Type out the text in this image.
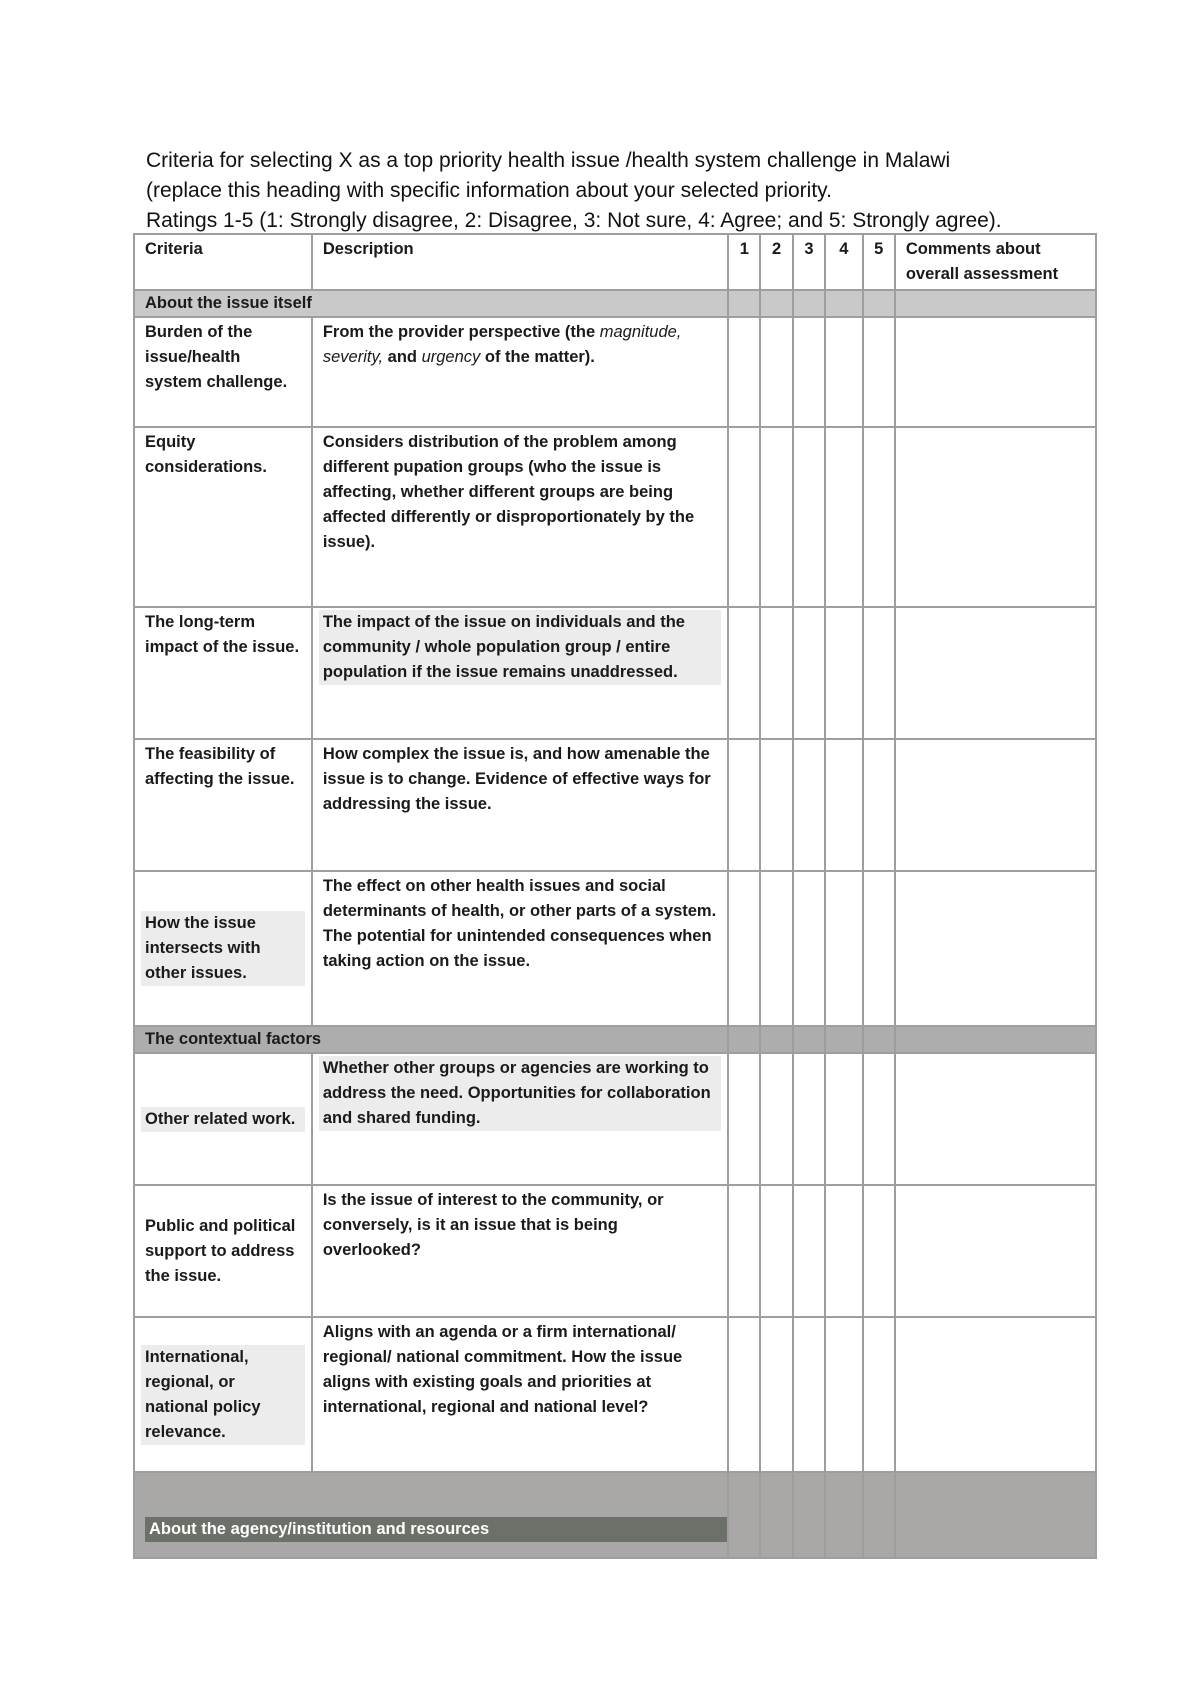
Criteria for selecting X as a top priority health issue /health system challenge in Malawi
(replace this heading with specific information about your selected priority.
Ratings 1-5 (1: Strongly disagree, 2: Disagree, 3: Not sure, 4: Agree; and 5: Strongly agree).
Criteria	Description	1	2	3	4	5	Comments about overall assessment
About the issue itself							
Burden of the issue/health system challenge.	From the provider perspective (the magnitude, severity, and urgency of the matter).						
Equity considerations.	Considers distribution of the problem among different pupation groups (who the issue is affecting, whether different groups are being affected differently or disproportionately by the issue).						
The long-term impact of the issue.	The impact of the issue on individuals and the community / whole population group / entire population if the issue remains unaddressed.						

The feasibility of affecting the issue.	How complex the issue is, and how amenable the issue is to change. Evidence of effective ways for addressing the issue.						

How the issue intersects with other issues.	The effect on other health issues and social determinants of health, or other parts of a system. The potential for unintended consequences when taking action on the issue.						
The contextual factors							

Other related work.	Whether other groups or agencies are working to address the need. Opportunities for collaboration and shared funding.						

Public and political support to address the issue.	Is the issue of interest to the community, or conversely, is it an issue that is being overlooked?						

International, regional, or national policy relevance.	Aligns with an agenda or a firm international/ regional/ national commitment. How the issue aligns with existing goals and priorities at international, regional and national level?						

About the agency/institution and resources							
